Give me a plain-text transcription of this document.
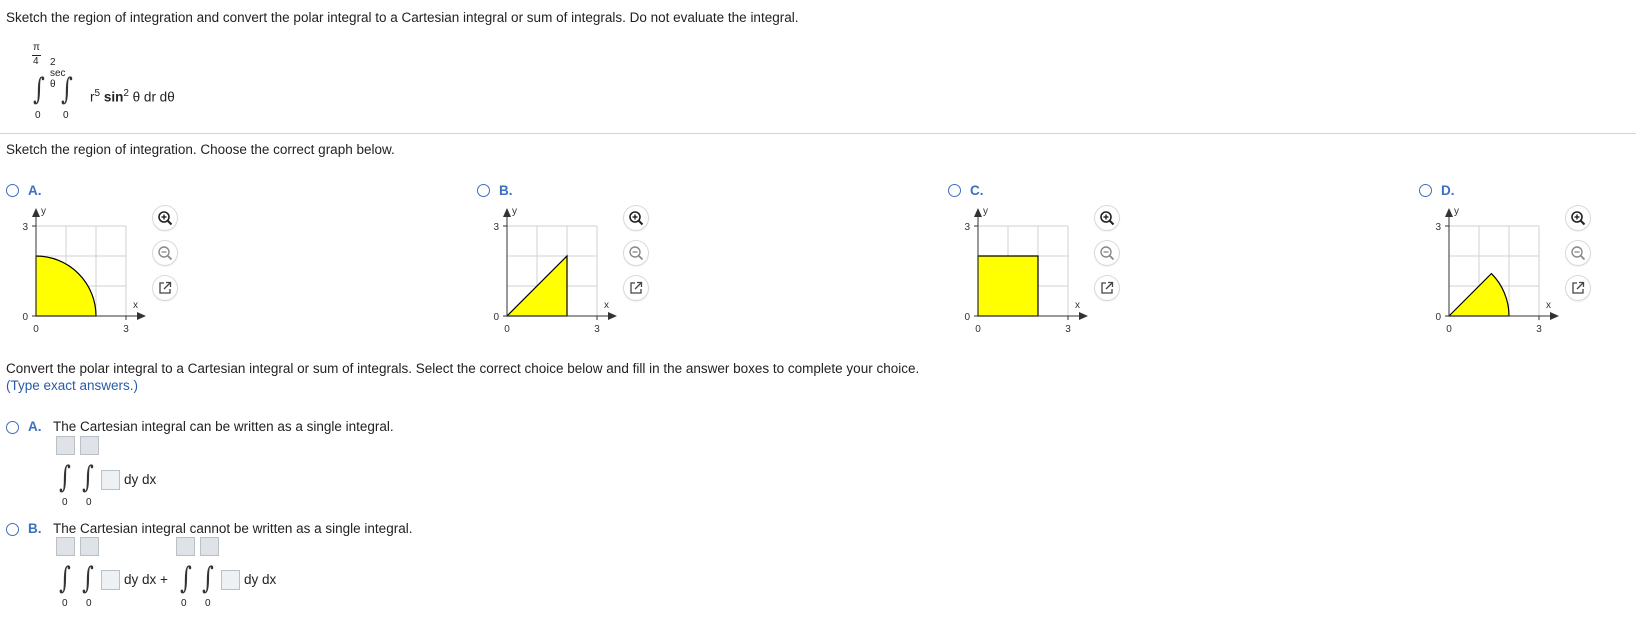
Sketch the region of integration and convert the polar integral to a Cartesian integral or sum of integrals. Do not evaluate the integral.
π
4 2 sec θ
∫ ∫ $r^5$ $\sin^2 \theta$ dr dθ
0 0
Sketch the region of integration. Choose the correct graph below.
A.
y
3
0
x
0	3
B.
y
3
0
x
0	3
C.
y
3
0
x
0	3
D.
y
3
0
x
0	3
Convert the polar integral to a Cartesian integral or sum of integrals. Select the correct choice below and fill in the answer boxes to complete your choice.
(Type exact answers.)
A. The Cartesian integral can be written as a single integral.
∫ ∫ dy dx
0 0
B. The Cartesian integral cannot be written as a single integral.
∫ ∫ dy dx + ∫ ∫ dy dx
0 0	0 0
